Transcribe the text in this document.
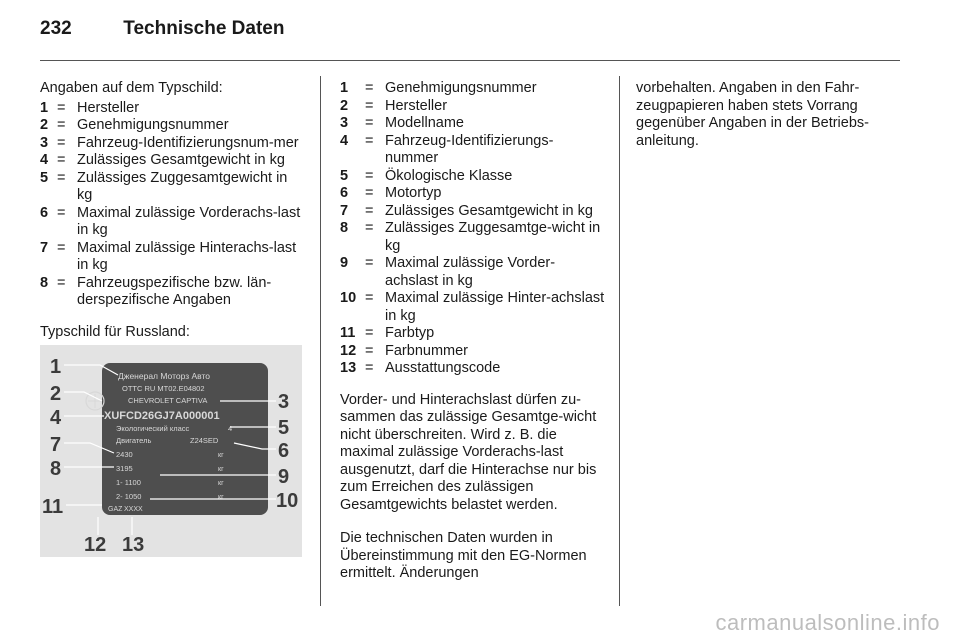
232	Technische Daten
Angaben auf dem Typschild:
1 = Hersteller
2 = Genehmigungsnummer
3 = Fahrzeug-Identifizierungsnum-mer
4 = Zulässiges Gesamtgewicht in kg
5 = Zulässiges Zuggesamtgewicht in kg
6 = Maximal zulässige Vorderachs-last in kg
7 = Maximal zulässige Hinterachs-last in kg
8 = Fahrzeugspezifische bzw. län-derspezifische Angaben
Typschild für Russland:
Дженерал Моторз Авто
ОТТС RU МТ02.Е04802
CHEVROLET CAPTIVA
XUFCD26GJ7A000001
Экологический класс	4
Двигатель	Z24SED
2430	кг
3195	кг
1- 1100	кг
2- 1050	кг
GAZ XXXX
1
2
4
7
8
11
12 13
3
5
6
9
10
1	= Genehmigungsnummer
2	= Hersteller
3	= Modellname
4	= Fahrzeug-Identifizierungs-nummer
5	= Ökologische Klasse
6	= Motortyp
7	= Zulässiges Gesamtgewicht in kg
8	= Zulässiges Zuggesamtge-wicht in kg
9	= Maximal zulässige Vorder-achslast in kg
10 = Maximal zulässige Hinter-achslast in kg
11 = Farbtyp
12 = Farbnummer
13 = Ausstattungscode

Vorder- und Hinterachslast dürfen zu-sammen das zulässige Gesamtge-wicht nicht überschreiten. Wird z. B. die maximal zulässige Vorderachs-last ausgenutzt, darf die Hinterachse nur bis zum Erreichen des zulässigen Gesamtgewichts belastet werden.

Die technischen Daten wurden in Übereinstimmung mit den EG-Normen ermittelt. Änderungen

vorbehalten. Angaben in den Fahr-zeugpapieren haben stets Vorrang gegenüber Angaben in der Betriebs-anleitung.

carmanualsonline.info
